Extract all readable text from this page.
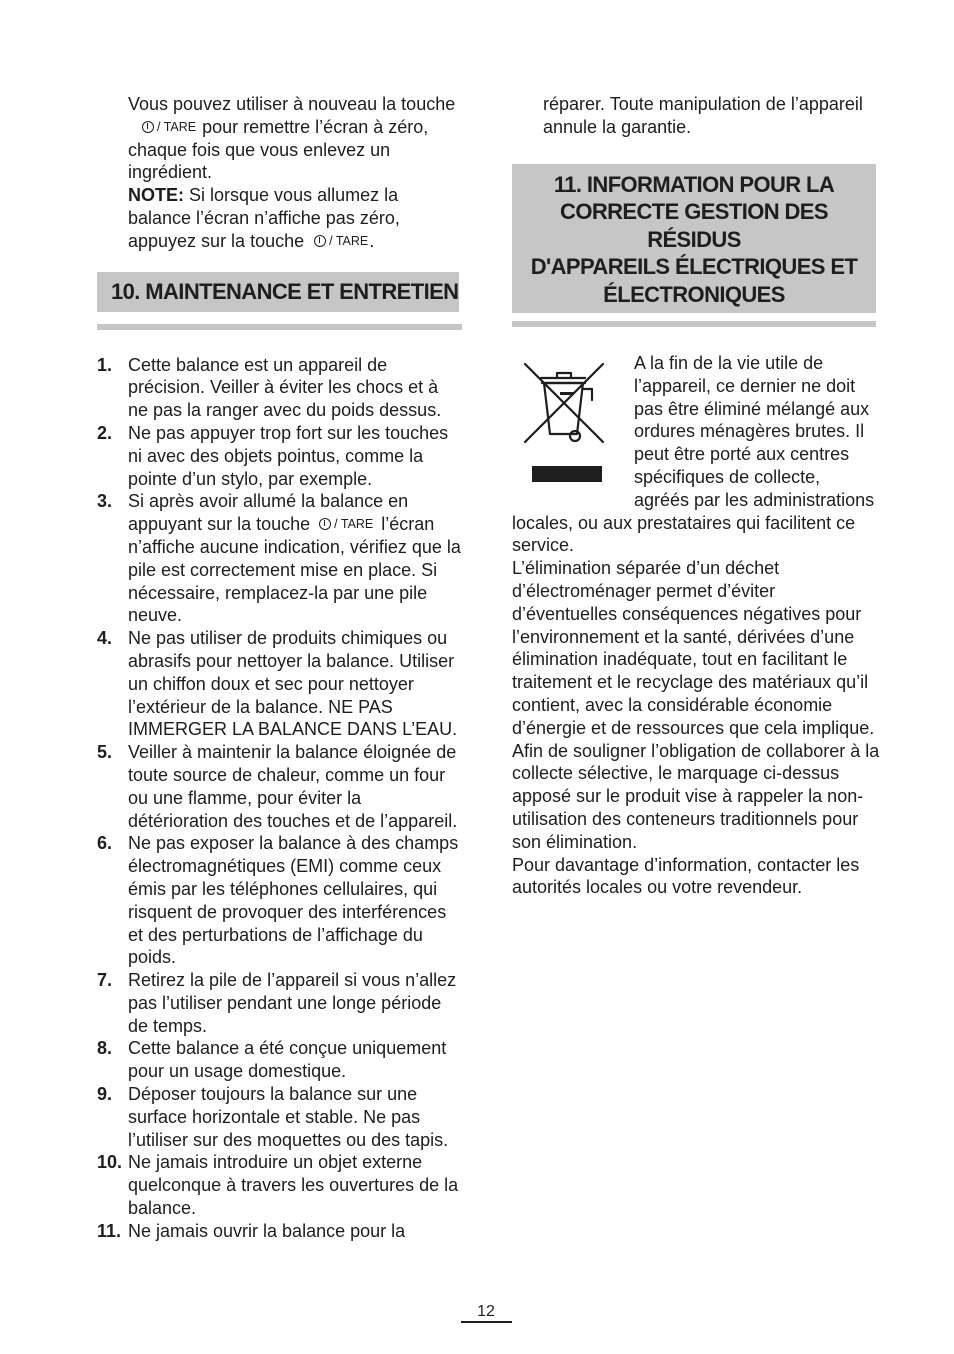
Vous pouvez utiliser à nouveau la touche/ TARE pour remettre l’écran à zéro, chaque fois que vous enlevez un ingrédient.

NOTE: Si lorsque vous allumez la balance l’écran n’affiche pas zéro, appuyez sur la touche / TARE.

10. MAINTENANCE ET ENTRETIEN
1. Cette balance est un appareil de précision. Veiller à éviter les chocs et à ne pas la ranger avec du poids dessus.
2. Ne pas appuyer trop fort sur les touches ni avec des objets pointus, comme la pointe d’un stylo, par exemple.
3. Si après avoir allumé la balance en appuyant sur la touche / TARE l’écran n’affiche aucune indication, vérifiez que la pile est correctement mise en place. Si nécessaire, remplacez-la par une pile neuve.
4. Ne pas utiliser de produits chimiques ou abrasifs pour nettoyer la balance. Utiliser un chiffon doux et sec pour nettoyer l’extérieur de la balance. NE PAS IMMERGER LA BALANCE DANS L’EAU.
5. Veiller à maintenir la balance éloignée de toute source de chaleur, comme un four ou une flamme, pour éviter la détérioration des touches et de l’appareil.
6. Ne pas exposer la balance à des champs électromagnétiques (EMI) comme ceux émis par les téléphones cellulaires, qui risquent de provoquer des interférences et des perturbations de l’affichage du poids.
7. Retirez la pile de l’appareil si vous n’allez pas l’utiliser pendant une longe période de temps.
8. Cette balance a été conçue uniquement pour un usage domestique.
9. Déposer toujours la balance sur une surface horizontale et stable. Ne pas l’utiliser sur des moquettes ou des tapis.
10. Ne jamais introduire un objet externe quelconque à travers les ouvertures de la balance.
11. Ne jamais ouvrir la balance pour la

réparer. Toute manipulation de l’appareil annule la garantie.

11. INFORMATION POUR LA
CORRECTE GESTION DES RÉSIDUS
D'APPAREILS ÉLECTRIQUES ET
ÉLECTRONIQUES

A la fin de la vie utile de l’appareil, ce dernier ne doit pas être éliminé mélangé aux ordures ménagères brutes. Il peut être porté aux centres spécifiques de collecte, agréés par les administrations locales, ou aux prestataires qui facilitent ce service.

L’élimination séparée d’un déchet d’électroménager permet d’éviter d’éventuelles conséquences négatives pour l’environnement et la santé, dérivées d’une élimination inadéquate, tout en facilitant le traitement et le recyclage des matériaux qu’il contient, avec la considérable économie d’énergie et de ressources que cela implique.

Afin de souligner l’obligation de collaborer à la collecte sélective, le marquage ci-dessus apposé sur le produit vise à rappeler la non-utilisation des conteneurs traditionnels pour son élimination.

Pour davantage d’information, contacter les autorités locales ou votre revendeur.

12
